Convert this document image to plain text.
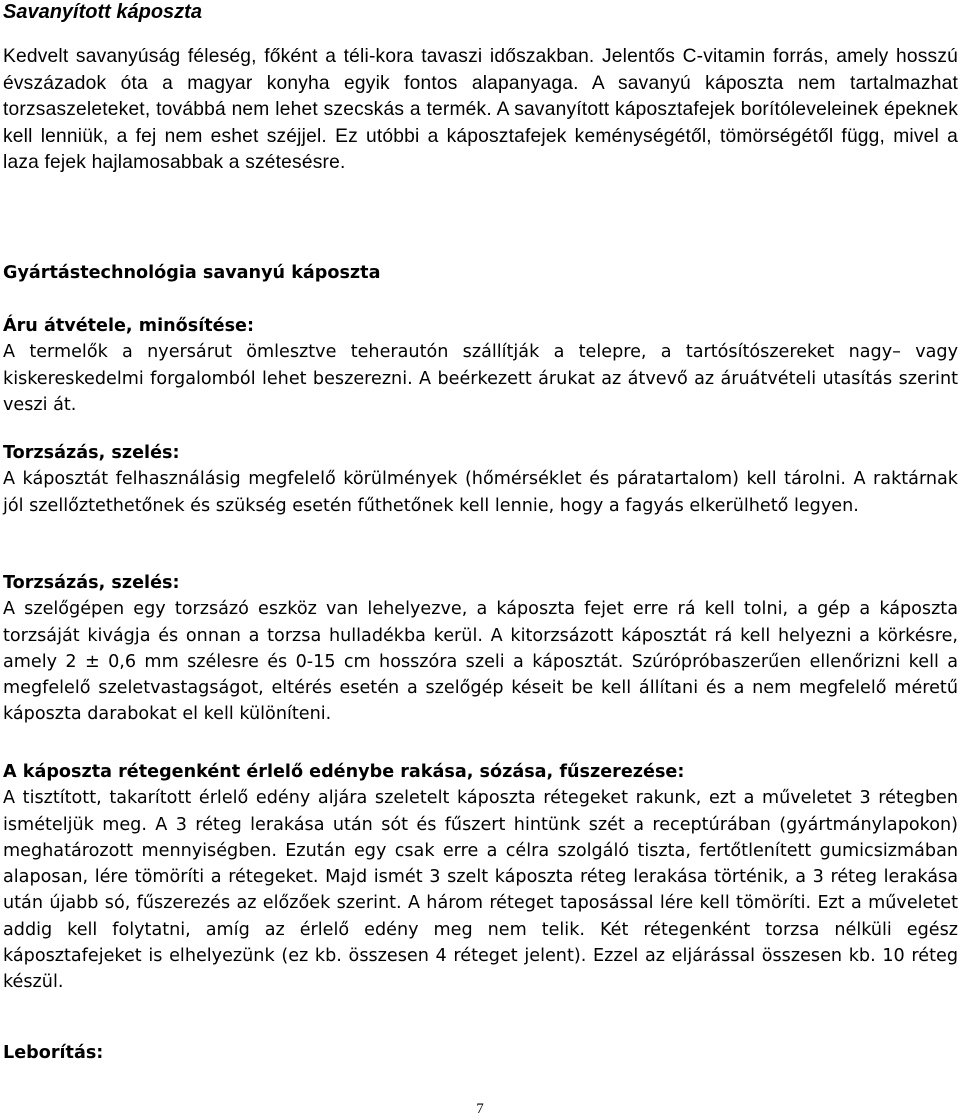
Savanyított káposzta

Kedvelt savanyúság féleség, főként a téli-kora tavaszi időszakban. Jelentős C-vitamin forrás, amely hosszú évszázadok óta a magyar konyha egyik fontos alapanyaga. A savanyú káposzta nem tartalmazhat torzsaszeleteket, továbbá nem lehet szecskás a termék. A savanyított káposztafejek borítóleveleinek épeknek kell lenniük, a fej nem eshet széjjel. Ez utóbbi a káposztafejek keménységétől, tömörségétől függ, mivel a laza fejek hajlamosabbak a szétesésre.

Gyártástechnológia savanyú káposzta
Áru átvétele, minősítése:
A termelők a nyersárut ömlesztve teherautón szállítják a telepre, a tartósítószereket nagy– vagy kiskereskedelmi forgalomból lehet beszerezni. A beérkezett árukat az átvevő az áruátvételi utasítás szerint veszi át.
Torzsázás, szelés:
A káposztát felhasználásig megfelelő körülmények (hőmérséklet és páratartalom) kell tárolni. A raktárnak jól szellőztethetőnek és szükség esetén fűthetőnek kell lennie, hogy a fagyás elkerülhető legyen.
Torzsázás, szelés:
A szelőgépen egy torzsázó eszköz van lehelyezve, a káposzta fejet erre rá kell tolni, a gép a káposzta torzsáját kivágja és onnan a torzsa hulladékba kerül. A kitorzsázott káposztát rá kell helyezni a körkésre, amely 2 ± 0,6 mm szélesre és 0-15 cm hosszóra szeli a káposztát. Szúrópróbaszerűen ellenőrizni kell a megfelelő szeletvastagságot, eltérés esetén a szelőgép késeit be kell állítani és a nem megfelelő méretű káposzta darabokat el kell különíteni.
A káposzta rétegenként érlelő edénybe rakása, sózása, fűszerezése:
A tisztított, takarított érlelő edény aljára szeletelt káposzta rétegeket rakunk, ezt a műveletet 3 rétegben ismételjük meg. A 3 réteg lerakása után sót és fűszert hintünk szét a receptúrában (gyártmánylapokon) meghatározott mennyiségben. Ezután egy csak erre a célra szolgáló tiszta, fertőtlenített gumicsizmában alaposan, lére tömöríti a rétegeket. Majd ismét 3 szelt káposzta réteg lerakása történik, a 3 réteg lerakása után újabb só, fűszerezés az előzőek szerint. A három réteget taposással lére kell tömöríti. Ezt a műveletet addig kell folytatni, amíg az érlelő edény meg nem telik. Két rétegenként torzsa nélküli egész káposztafejeket is elhelyezünk (ez kb. összesen 4 réteget jelent). Ezzel az eljárással összesen kb. 10 réteg készül.
Leborítás:
7
